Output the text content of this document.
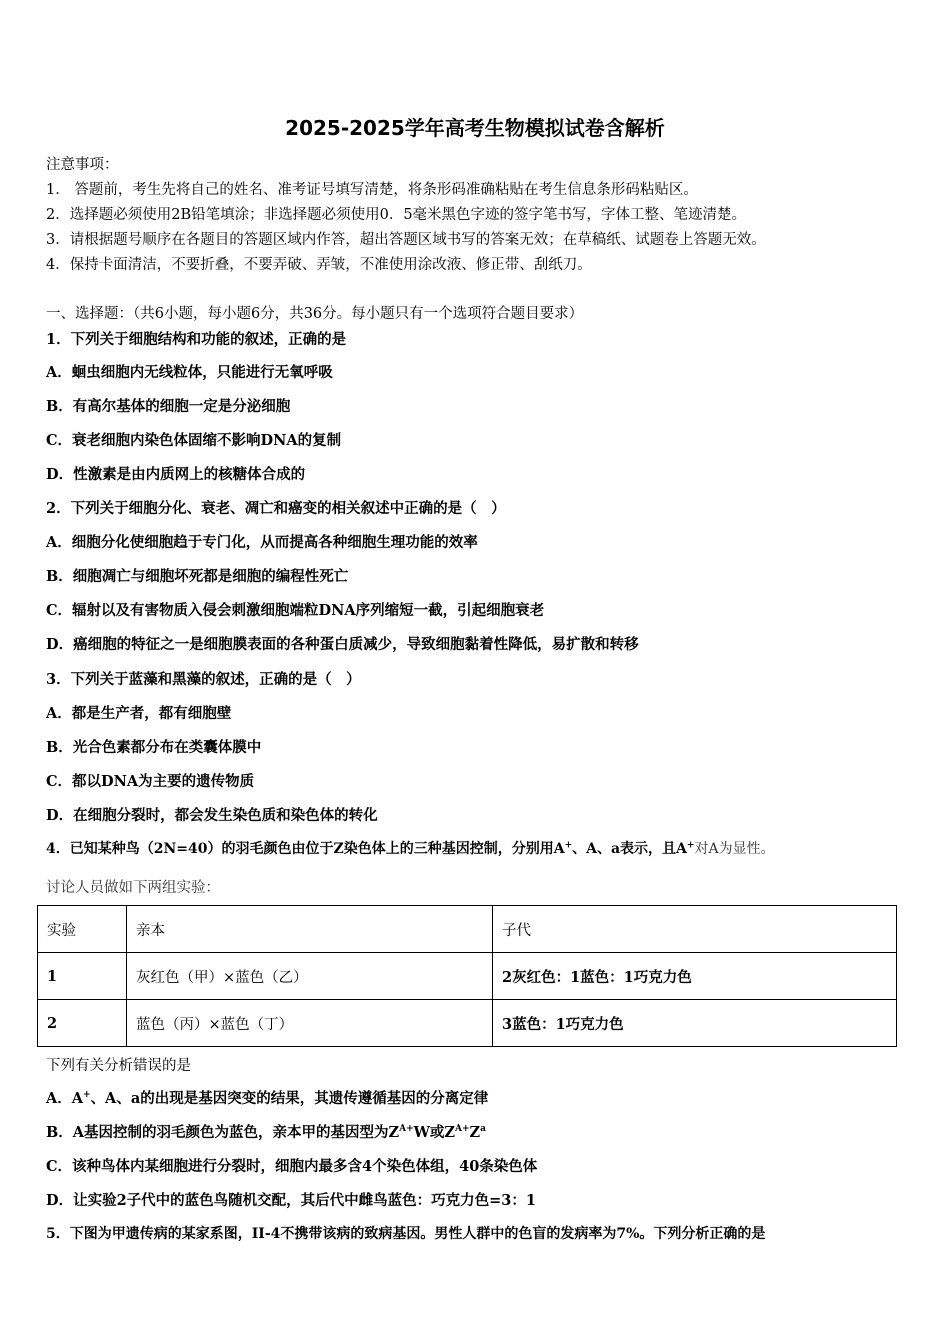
2025-2025学年高考生物模拟试卷含解析
注意事项：
1． 答题前，考生先将自己的姓名、准考证号填写清楚，将条形码准确粘贴在考生信息条形码粘贴区。
2．选择题必须使用2B铅笔填涂；非选择题必须使用0．5毫米黑色字迹的签字笔书写，字体工整、笔迹清楚。
3．请根据题号顺序在各题目的答题区域内作答，超出答题区域书写的答案无效；在草稿纸、试题卷上答题无效。
4．保持卡面清洁，不要折叠，不要弄破、弄皱，不准使用涂改液、修正带、刮纸刀。
一、选择题：（共6小题，每小题6分，共36分。每小题只有一个选项符合题目要求）
1．下列关于细胞结构和功能的叙述，正确的是
A．蛔虫细胞内无线粒体，只能进行无氧呼吸
B．有高尔基体的细胞一定是分泌细胞
C．衰老细胞内染色体固缩不影响DNA的复制
D．性激素是由内质网上的核糖体合成的
2．下列关于细胞分化、衰老、凋亡和癌变的相关叙述中正确的是（　）
A．细胞分化使细胞趋于专门化，从而提高各种细胞生理功能的效率
B．细胞凋亡与细胞坏死都是细胞的编程性死亡
C．辐射以及有害物质入侵会刺激细胞端粒DNA序列缩短一截，引起细胞衰老
D．癌细胞的特征之一是细胞膜表面的各种蛋白质减少，导致细胞黏着性降低，易扩散和转移
3．下列关于蓝藻和黑藻的叙述，正确的是（　）
A．都是生产者，都有细胞壁
B．光合色素都分布在类囊体膜中
C．都以DNA为主要的遗传物质
D．在细胞分裂时，都会发生染色质和染色体的转化
4．已知某种鸟（2N=40）的羽毛颜色由位于Z染色体上的三种基因控制，分别用A+、A、a表示，且A+对A为显性。
讨论人员做如下两组实验：
实验	亲本	子代
1	灰红色（甲）×蓝色（乙）	2灰红色：1蓝色：1巧克力色
2	蓝色（丙）×蓝色（丁）	3蓝色：1巧克力色
下列有关分析错误的是
A．A+、A、a的出现是基因突变的结果，其遗传遵循基因的分离定律
B．A基因控制的羽毛颜色为蓝色，亲本甲的基因型为$Z^{A+}W$或$Z^{A+}Z^a$
C．该种鸟体内某细胞进行分裂时，细胞内最多含4个染色体组，40条染色体
D．让实验2子代中的蓝色鸟随机交配，其后代中雌鸟蓝色：巧克力色=3：1
5．下图为甲遗传病的某家系图，II-4不携带该病的致病基因。男性人群中的色盲的发病率为7%。下列分析正确的是
